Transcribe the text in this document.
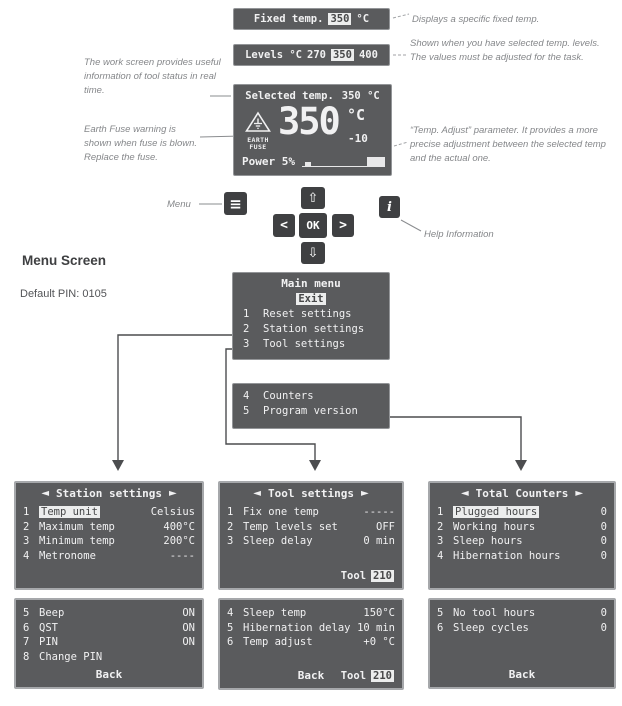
Displays a specific fixed temp.
Shown when you have selected temp. levels. The values must be adjusted for the task.
The work screen provides useful information of tool status in real time.
Earth Fuse warning is shown when fuse is blown. Replace the fuse.
“Temp. Adjust” parameter. It provides a more precise adjustment between the selected temp and the actual one.
Menu
Help Information
Fixed temp. 350 °C
Levels °C 270 350 400
Selected temp. 350 °C
EARTH
FUSE
350 °C
-10
Power 5%
≡	⇧
<	OK	>
⇩
i
Menu Screen
Default PIN: 0105
Main menu
Exit
1	Reset settings
2	Station settings
3	Tool settings
4	Counters
5	Program version
◄ Station settings ►
1	Temp unit	Celsius
2 Maximum temp	400°C
3 Minimum temp	200°C
4 Metronome	----
5 Beep	ON
6 QST	ON
7 PIN	ON
8 Change PIN
Back
◄ Tool settings ►
1 Fix one temp	-----
2 Temp levels set	OFF
3 Sleep delay	0 min
Tool 210
4 Sleep temp	150°C
5 Hibernation delay 10 min
6 Temp adjust	+0 °C
Back	Tool 210
◄ Total Counters ►
1	Plugged hours	0
2 Working hours	0
3 Sleep hours	0
4 Hibernation hours	0
5 No tool hours	0
6 Sleep cycles	0
Back
